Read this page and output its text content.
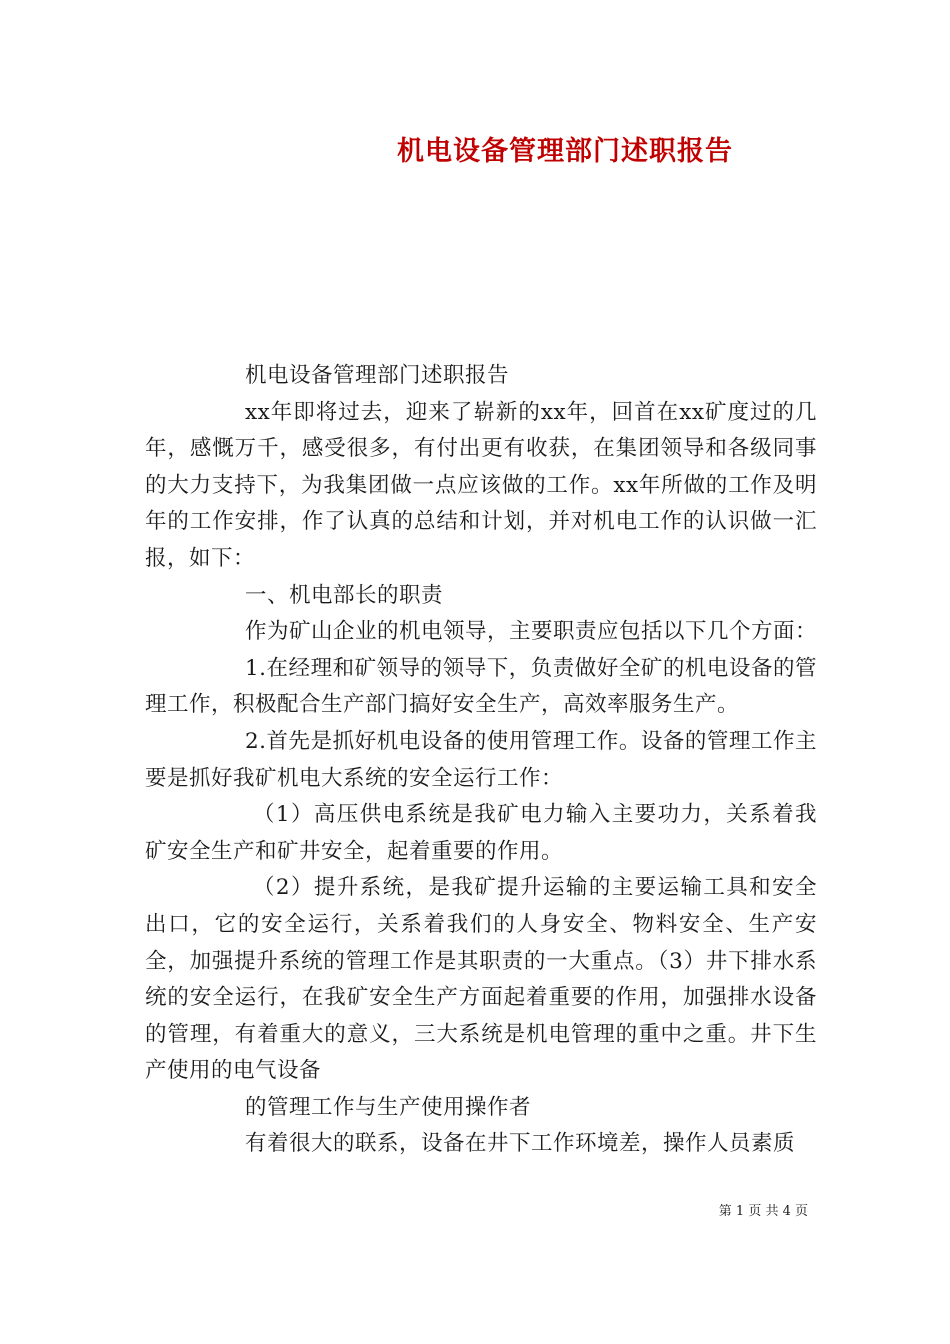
机电设备管理部门述职报告

机电设备管理部门述职报告

xx年即将过去，迎来了崭新的xx年，回首在xx矿度过的几年，感慨万千，感受很多，有付出更有收获，在集团领导和各级同事的大力支持下，为我集团做一点应该做的工作。xx年所做的工作及明年的工作安排，作了认真的总结和计划，并对机电工作的认识做一汇报，如下：

一、机电部长的职责

作为矿山企业的机电领导，主要职责应包括以下几个方面：

1.在经理和矿领导的领导下，负责做好全矿的机电设备的管理工作，积极配合生产部门搞好安全生产，高效率服务生产。

2.首先是抓好机电设备的使用管理工作。设备的管理工作主要是抓好我矿机电大系统的安全运行工作：

（1）高压供电系统是我矿电力输入主要功力，关系着我矿安全生产和矿井安全，起着重要的作用。

（2）提升系统，是我矿提升运输的主要运输工具和安全出口，它的安全运行，关系着我们的人身安全、物料安全、生产安全，加强提升系统的管理工作是其职责的一大重点。（3）井下排水系统的安全运行，在我矿安全生产方面起着重要的作用，加强排水设备的管理，有着重大的意义，三大系统是机电管理的重中之重。井下生产使用的电气设备

的管理工作与生产使用操作者

有着很大的联系，设备在井下工作环境差，操作人员素质

第 1 页 共 4 页
